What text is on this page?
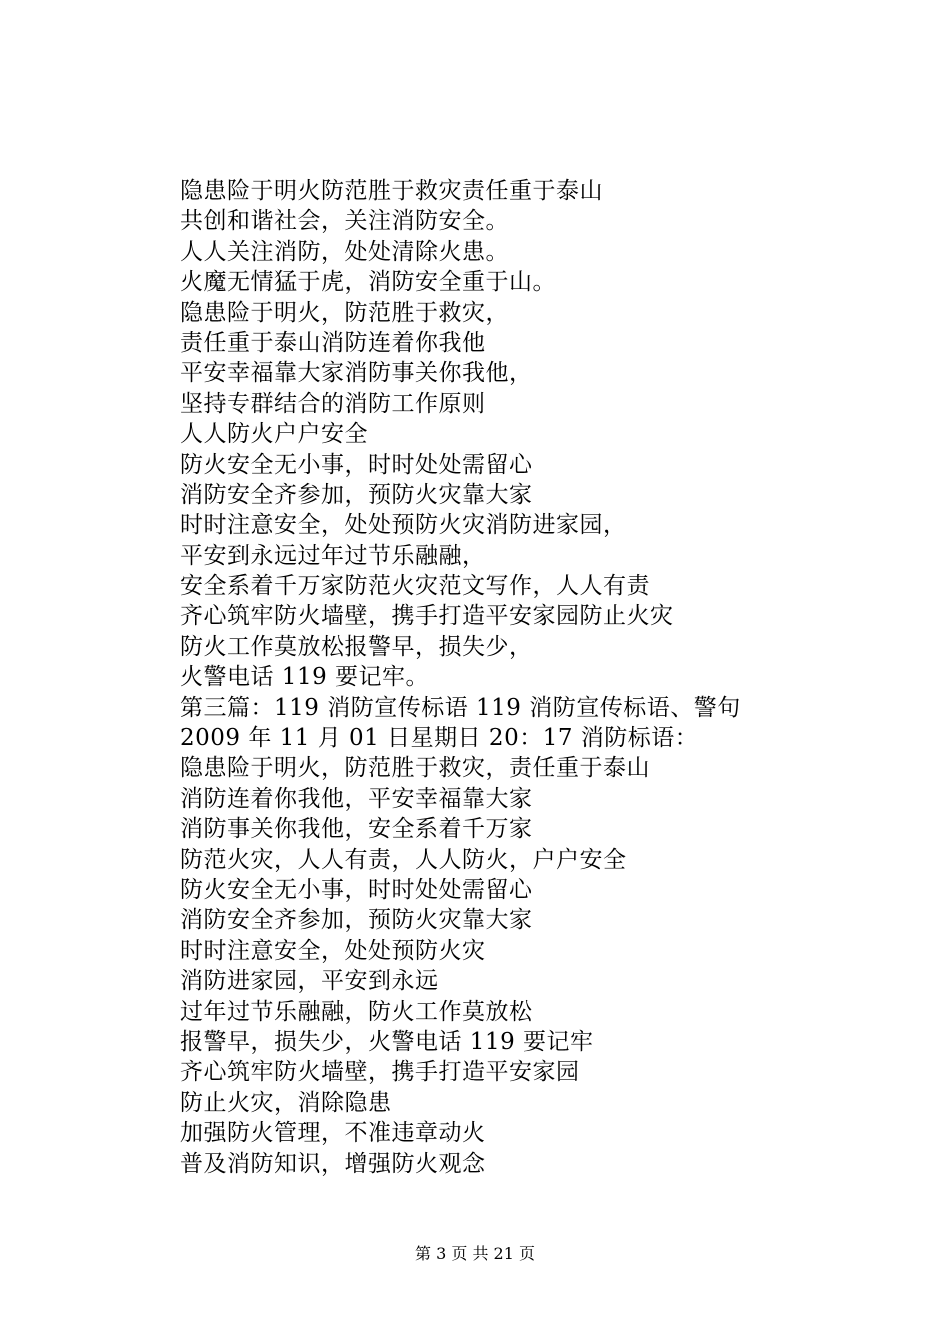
隐患险于明火防范胜于救灾责任重于泰山
共创和谐社会，关注消防安全。
人人关注消防，处处清除火患。
火魔无情猛于虎，消防安全重于山。
隐患险于明火，防范胜于救灾，
责任重于泰山消防连着你我他
平安幸福靠大家消防事关你我他，
坚持专群结合的消防工作原则
人人防火户户安全
防火安全无小事，时时处处需留心
消防安全齐参加，预防火灾靠大家
时时注意安全，处处预防火灾消防进家园，
平安到永远过年过节乐融融，
安全系着千万家防范火灾范文写作，人人有责
齐心筑牢防火墙壁，携手打造平安家园防止火灾
防火工作莫放松报警早，损失少，
火警电话 119 要记牢。
第三篇：119 消防宣传标语 119 消防宣传标语、警句
2009 年 11 月 01 日星期日 20：17 消防标语：
隐患险于明火，防范胜于救灾，责任重于泰山
消防连着你我他，平安幸福靠大家
消防事关你我他，安全系着千万家
防范火灾，人人有责，人人防火，户户安全
防火安全无小事，时时处处需留心
消防安全齐参加，预防火灾靠大家
时时注意安全，处处预防火灾
消防进家园，平安到永远
过年过节乐融融，防火工作莫放松
报警早，损失少，火警电话 119 要记牢
齐心筑牢防火墙壁，携手打造平安家园
防止火灾，消除隐患
加强防火管理，不准违章动火
普及消防知识，增强防火观念
第 3 页 共 21 页
